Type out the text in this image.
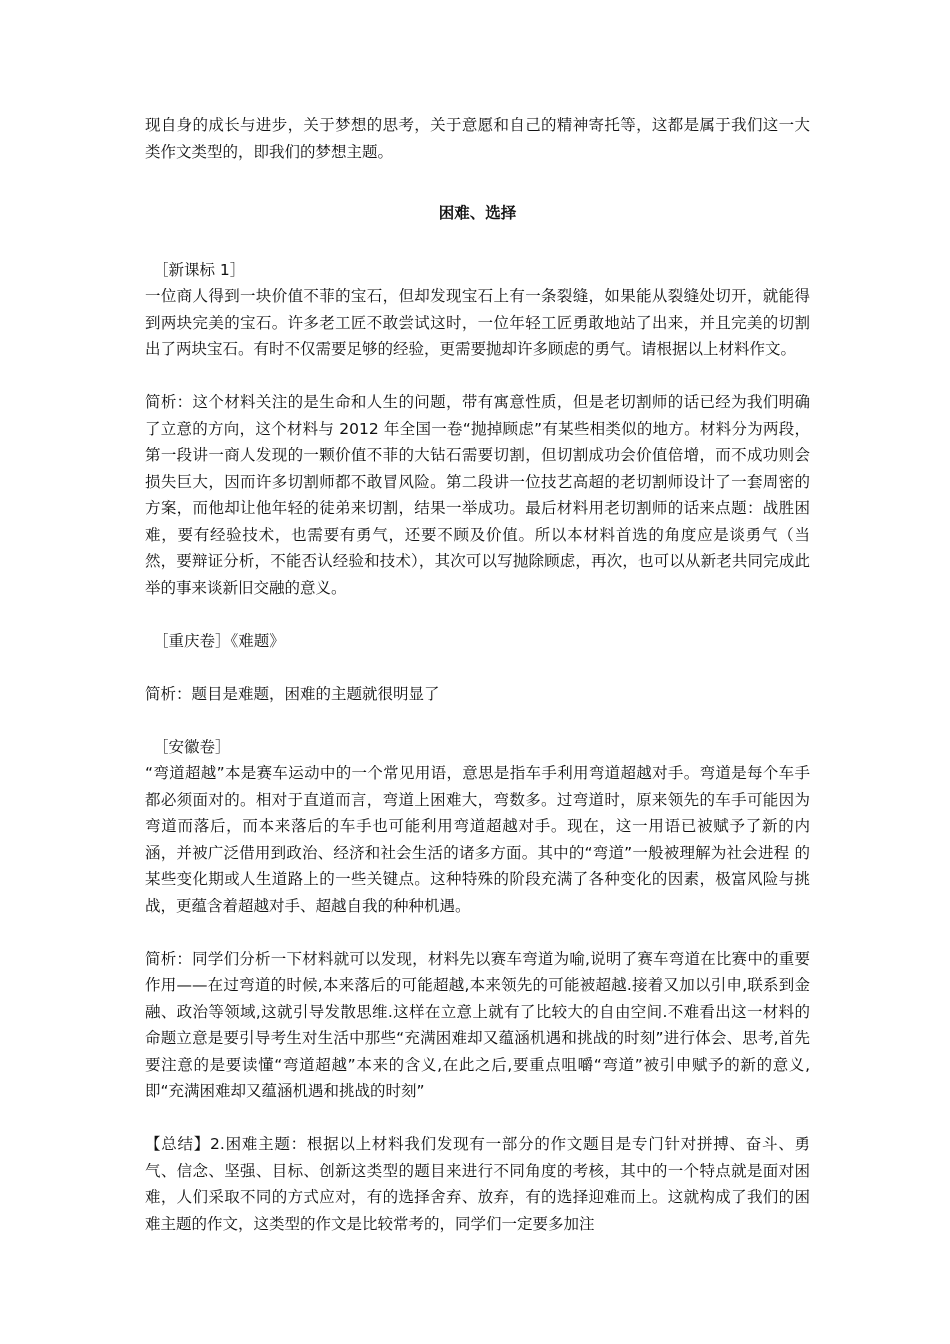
现自身的成长与进步，关于梦想的思考，关于意愿和自己的精神寄托等，这都是属于我们这一大类作文类型的，即我们的梦想主题。

困难、选择

［新课标 1］

一位商人得到一块价值不菲的宝石，但却发现宝石上有一条裂缝，如果能从裂缝处切开，就能得到两块完美的宝石。许多老工匠不敢尝试这时，一位年轻工匠勇敢地站了出来，并且完美的切割出了两块宝石。有时不仅需要足够的经验，更需要抛却许多顾虑的勇气。请根据以上材料作文。

简析：这个材料关注的是生命和人生的问题，带有寓意性质，但是老切割师的话已经为我们明确了立意的方向，这个材料与 2012 年全国一卷“抛掉顾虑”有某些相类似的地方。材料分为两段，第一段讲一商人发现的一颗价值不菲的大钻石需要切割，但切割成功会价值倍增，而不成功则会损失巨大，因而许多切割师都不敢冒风险。第二段讲一位技艺高超的老切割师设计了一套周密的方案，而他却让他年轻的徒弟来切割，结果一举成功。最后材料用老切割师的话来点题：战胜困难，要有经验技术，也需要有勇气，还要不顾及价值。所以本材料首选的角度应是谈勇气（当然，要辩证分析，不能否认经验和技术），其次可以写抛除顾虑，再次，也可以从新老共同完成此举的事来谈新旧交融的意义。

［重庆卷］《难题》

简析：题目是难题，困难的主题就很明显了

［安徽卷］

“弯道超越”本是赛车运动中的一个常见用语，意思是指车手利用弯道超越对手。弯道是每个车手都必须面对的。相对于直道而言，弯道上困难大，弯数多。过弯道时，原来领先的车手可能因为弯道而落后，而本来落后的车手也可能利用弯道超越对手。现在，这一用语已被赋予了新的内涵，并被广泛借用到政治、经济和社会生活的诸多方面。其中的“弯道”一般被理解为社会进程 的某些变化期或人生道路上的一些关键点。这种特殊的阶段充满了各种变化的因素，极富风险与挑战，更蕴含着超越对手、超越自我的种种机遇。

简析：同学们分析一下材料就可以发现，材料先以赛车弯道为喻,说明了赛车弯道在比赛中的重要作用——在过弯道的时候,本来落后的可能超越,本来领先的可能被超越.接着又加以引申,联系到金融、政治等领域,这就引导发散思维.这样在立意上就有了比较大的自由空间.不难看出这一材料的命题立意是要引导考生对生活中那些“充满困难却又蕴涵机遇和挑战的时刻”进行体会、思考,首先要注意的是要读懂“弯道超越”本来的含义,在此之后,要重点咀嚼“弯道”被引申赋予的新的意义,即“充满困难却又蕴涵机遇和挑战的时刻”

【总结】2.困难主题：根据以上材料我们发现有一部分的作文题目是专门针对拼搏、奋斗、勇气、信念、坚强、目标、创新这类型的题目来进行不同角度的考核，其中的一个特点就是面对困难，人们采取不同的方式应对，有的选择舍弃、放弃，有的选择迎难而上。这就构成了我们的困难主题的作文，这类型的作文是比较常考的，同学们一定要多加注
